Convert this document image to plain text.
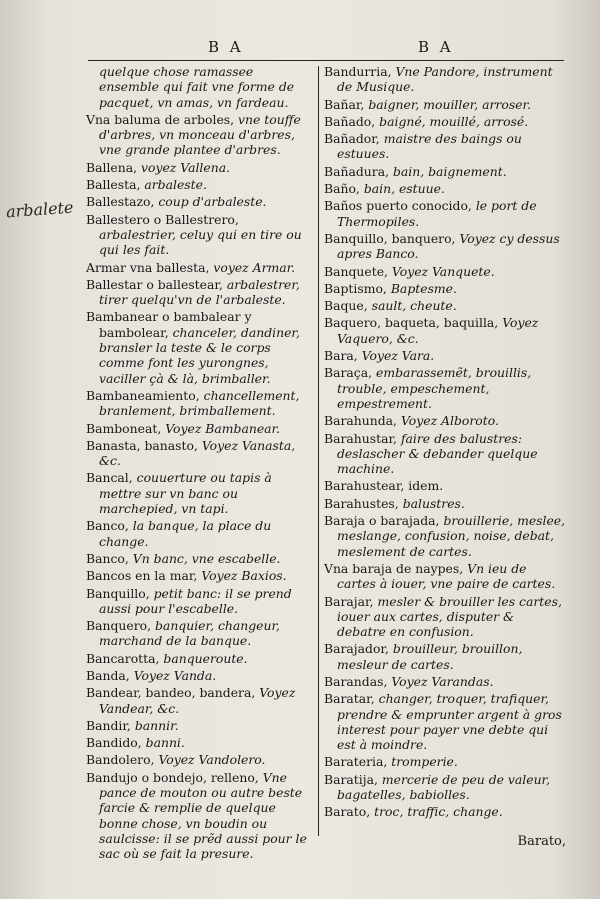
B A	B A
arbalete

quelque chose ramassee ensemble qui fait vne forme de pacquet, vn amas, vn fardeau.

Vna baluma de arboles, vne touffe d'arbres, vn monceau d'arbres, vne grande plantee d'arbres.

Ballena, voyez Vallena.

Ballesta, arbaleste.

Ballestazo, coup d'arbaleste.

Ballestero o Ballestrero, arbalestrier, celuy qui en tire ou qui les fait.

Armar vna ballesta, voyez Armar.

Ballestar o ballestear, arbalestrer, tirer quelqu'vn de l'arbaleste.

Bambanear o bambalear y bambolear, chanceler, dandiner, bransler la teste & le corps comme font les yurongnes, vaciller çà & là, brimballer.

Bambaneamiento, chancellement, branlement, brimballement.

Bamboneat, Voyez Bambanear.

Banasta, banasto, Voyez Vanasta, &c.

Bancal, couuerture ou tapis à mettre sur vn banc ou marchepied, vn tapi.

Banco, la banque, la place du change.

Banco, Vn banc, vne escabelle.

Bancos en la mar, Voyez Baxios.

Banquillo, petit banc: il se prend aussi pour l'escabelle.

Banquero, banquier, changeur, marchand de la banque.

Bancarotta, banqueroute.

Banda, Voyez Vanda.

Bandear, bandeo, bandera, Voyez Vandear, &c.

Bandir, bannir.

Bandido, banni.

Bandolero, Voyez Vandolero.

Bandujo o bondejo, relleno, Vne pance de mouton ou autre beste farcie & remplie de quelque bonne chose, vn boudin ou saulcisse: il se prẽd aussi pour le sac où se fait la presure.

Bandurria, Vne Pandore, instrument de Musique.

Bañar, baigner, mouiller, arroser.

Bañado, baigné, mouillé, arrosé.

Bañador, maistre des baings ou estuues.

Bañadura, bain, baignement.

Baño, bain, estuue.

Baños puerto conocido, le port de Thermopiles.

Banquillo, banquero, Voyez cy dessus apres Banco.

Banquete, Voyez Vanquete.

Baptismo, Baptesme.

Baque, sault, cheute.

Baquero, baqueta, baquilla, Voyez Vaquero, &c.

Bara, Voyez Vara.

Baraça, embarassemẽt, brouillis, trouble, empeschement, empestrement.

Barahunda, Voyez Alboroto.

Barahustar, faire des balustres: deslascher & debander quelque machine.

Barahustear, idem.

Barahustes, balustres.

Baraja o barajada, brouillerie, meslee, meslange, confusion, noise, debat, meslement de cartes.

Vna baraja de naypes, Vn ieu de cartes à iouer, vne paire de cartes.

Barajar, mesler & brouiller les cartes, iouer aux cartes, disputer & debatre en confusion.

Barajador, brouilleur, brouillon, mesleur de cartes.

Barandas, Voyez Varandas.

Baratar, changer, troquer, trafiquer, prendre & emprunter argent à gros interest pour payer vne debte qui est à moindre.

Barateria, tromperie.

Baratija, mercerie de peu de valeur, bagatelles, babiolles.

Barato, troc, traffic, change.

Barato,
